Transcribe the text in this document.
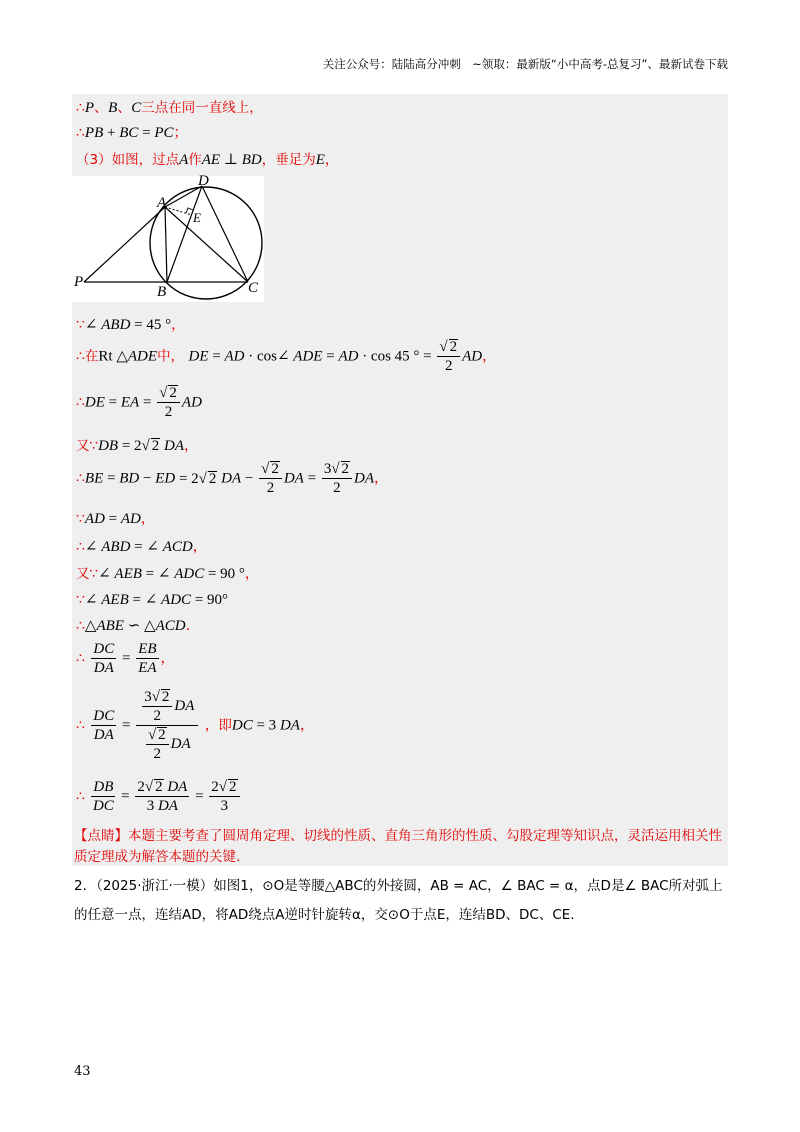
关注公众号：陆陆高分冲刺　~领取：最新版“小中高考-总复习”、最新试卷下载
∴P、B、C三点在同一直线上，
∴PB + BC = PC；
（3）如图，过点A作AE ⊥ BD，垂足为E，
A
D
E
P
B	C
∵∠ ABD = 45 °，
∴在Rt △ADE中， DE = AD · cos∠ ADE = AD · cos 45 ° = $\frac{√ 2}{2}$ AD，
∴DE = EA = $\frac{√ 2}{2}$ AD
又∵DB = 2√ 2 DA，
∴BE = BD − ED = 2√ 2 DA − $\frac{√ 2}{2}$ DA = $\frac{3√ 2}{2}$ DA，
∵AD = AD，
∴∠ ABD = ∠ ACD，
又∵∠ AEB = ∠ ADC = 90 °，
∵∠ AEB = ∠ ADC = 90°
∴△ABE ∽ △ACD.
∴ $\frac{DC}{DA} = \frac{EB}{EA}$ ，
∴ $\frac{DC}{DA} = \frac{\frac{3√ 2}{2} DA}{\frac{√ 2}{2} DA}$ ，即DC = 3 DA，
∴ $\frac{DB}{DC} = \frac{2√ 2 DA}{3 DA} = \frac{2√ 2}{3}$
【点睛】本题主要考查了圆周角定理、切线的性质、直角三角形的性质、勾股定理等知识点，灵活运用相关性质定理成为解答本题的关键.
2．（2025·浙江·一模）如图1，⊙O是等腰△ABC的外接圆，AB = AC，∠ BAC = α，点D是∠ BAC所对弧上的任意一点，连结AD，将AD绕点A逆时针旋转α，交⊙O于点E，连结BD、DC、CE.
43
